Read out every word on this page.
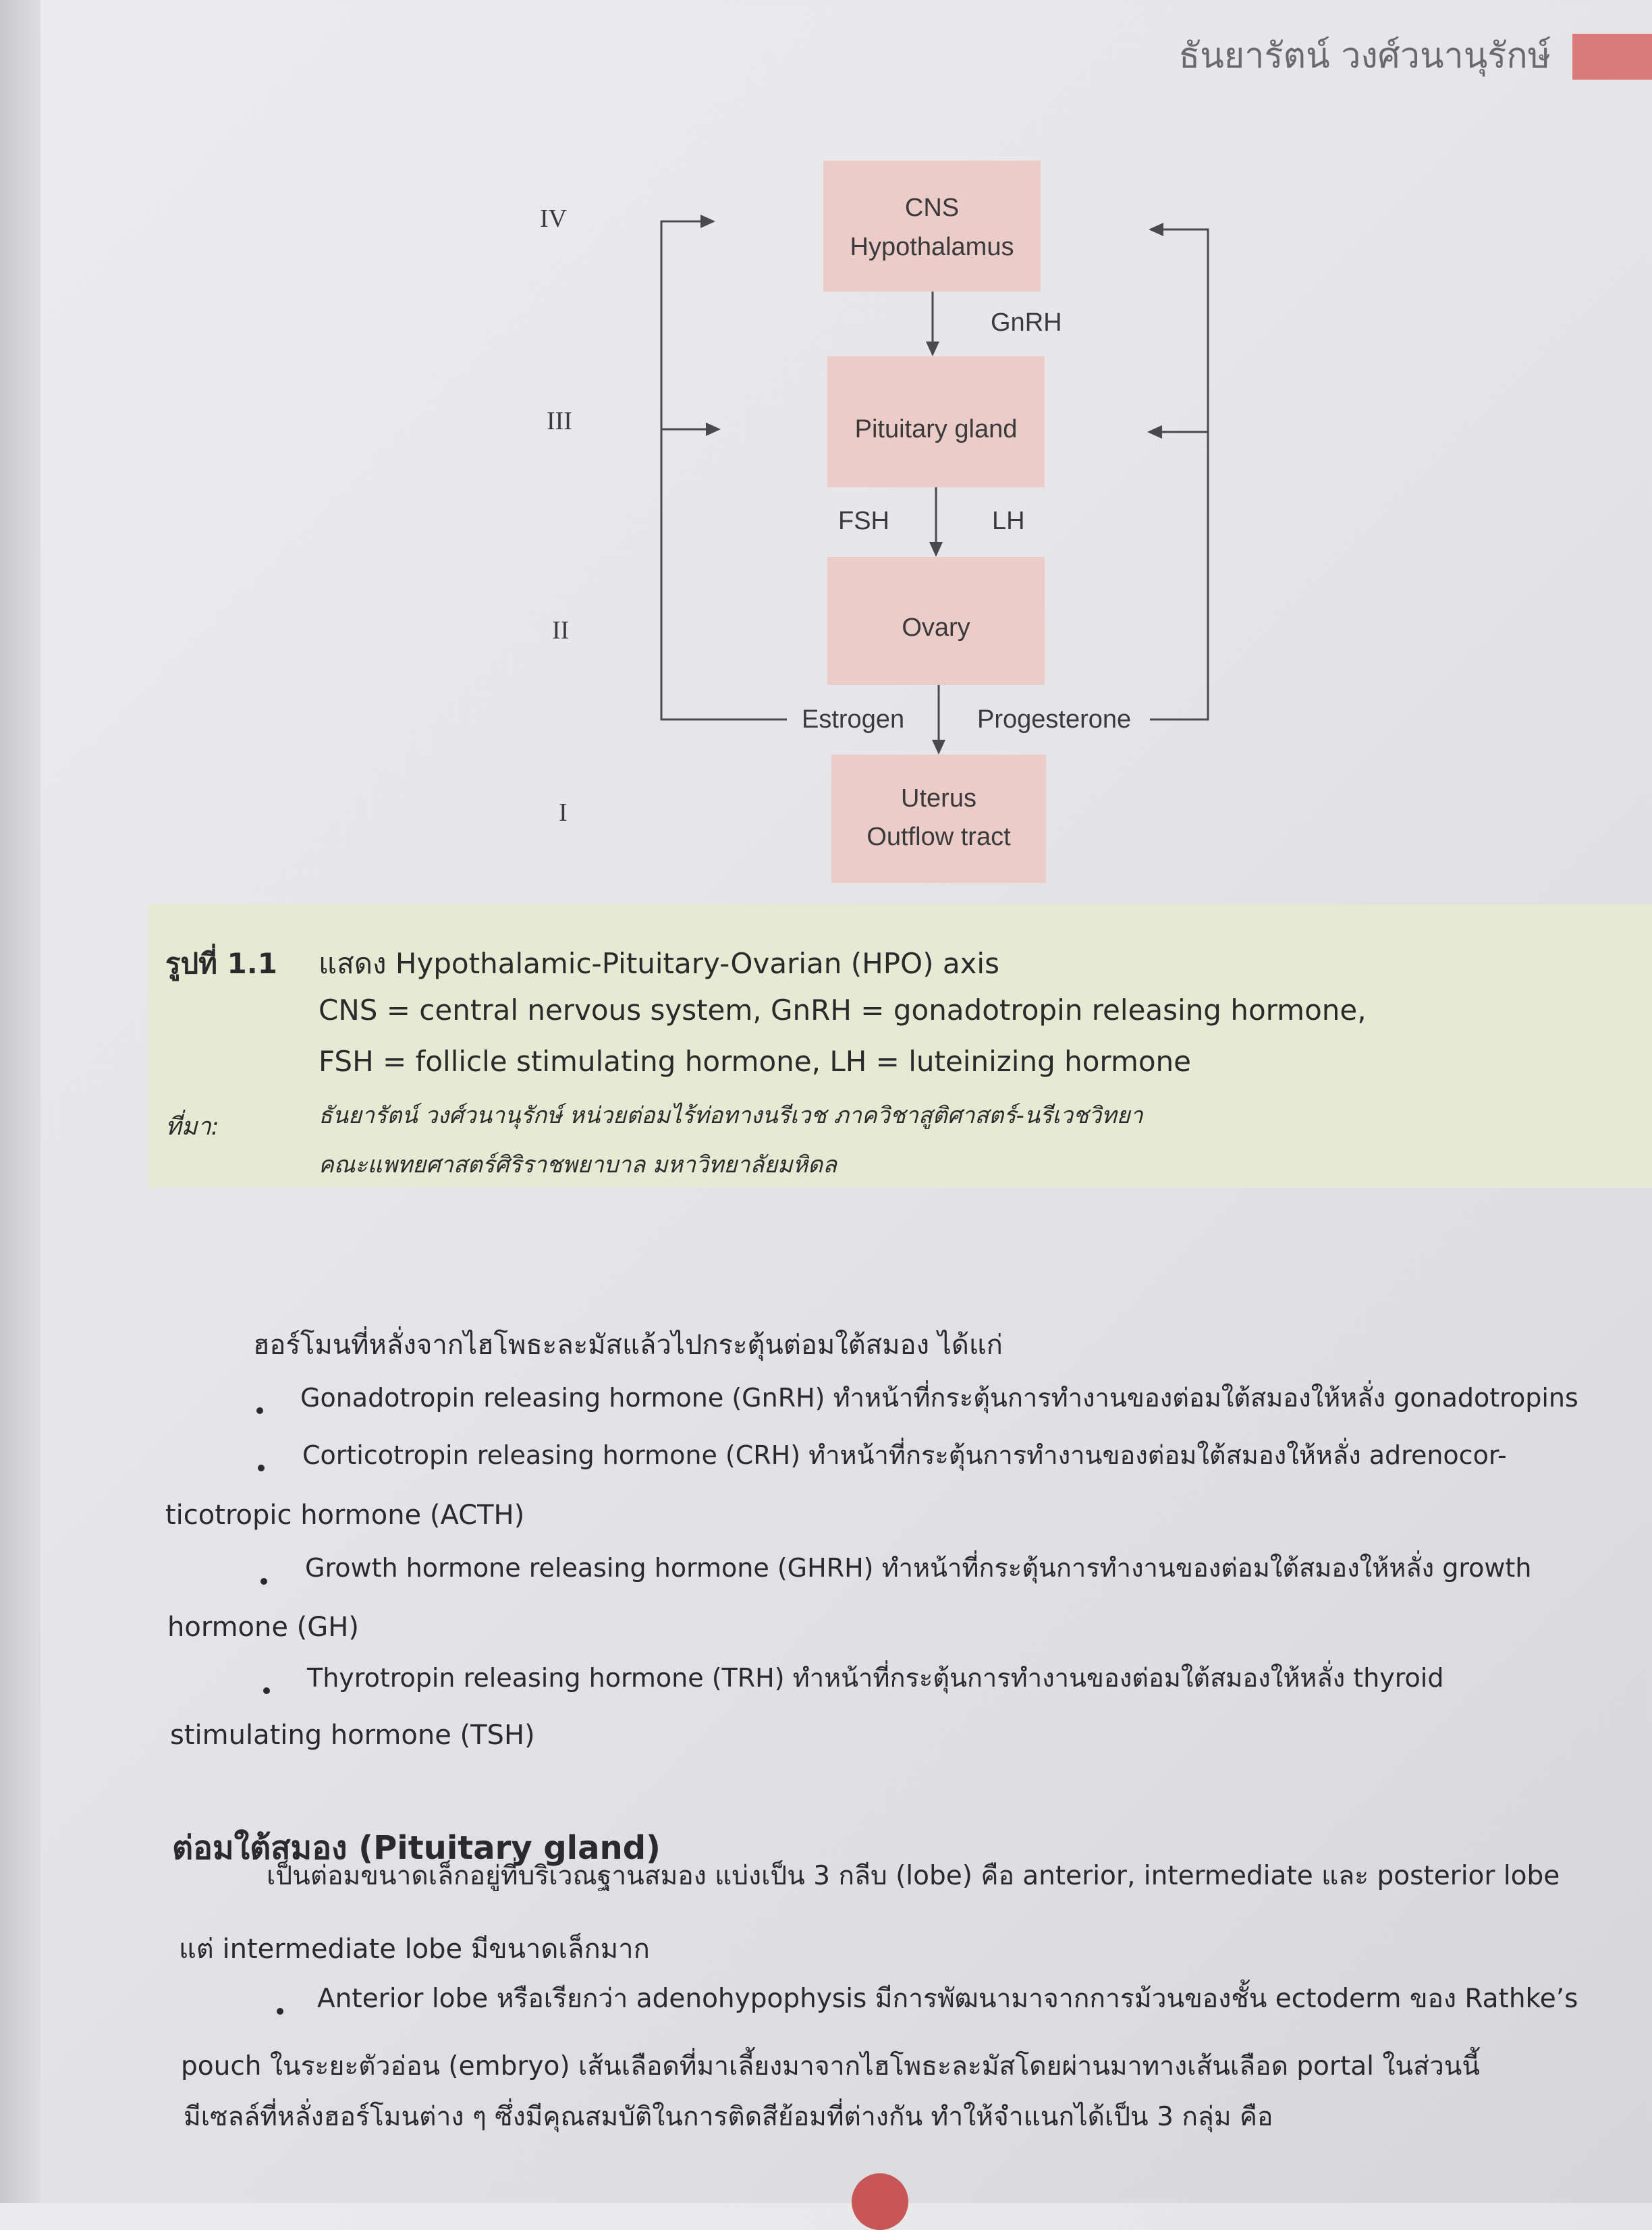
ธันยารัตน์ วงศ์วนานุรักษ์
CNS
Hypothalamus
Pituitary gland
Ovary
Uterus
Outflow tract
IV
III
II
I
GnRH
FSH	LH
Estrogen	Progesterone
รูปที่ 1.1 แสดง Hypothalamic-Pituitary-Ovarian (HPO) axis
CNS = central nervous system, GnRH = gonadotropin releasing hormone,
FSH = follicle stimulating hormone, LH = luteinizing hormone
ที่มา:	ธันยารัตน์ วงศ์วนานุรักษ์ หน่วยต่อมไร้ท่อทางนรีเวช ภาควิชาสูติศาสตร์-นรีเวชวิทยา
คณะแพทยศาสตร์ศิริราชพยาบาล มหาวิทยาลัยมหิดล
ฮอร์โมนที่หลั่งจากไฮโพธะละมัสแล้วไปกระตุ้นต่อมใต้สมอง ได้แก่
Gonadotropin releasing hormone (GnRH) ทำหน้าที่กระตุ้นการทำงานของต่อมใต้สมองให้หลั่ง gonadotropins
Corticotropin releasing hormone (CRH) ทำหน้าที่กระตุ้นการทำงานของต่อมใต้สมองให้หลั่ง adrenocor-
ticotropic hormone (ACTH)
Growth hormone releasing hormone (GHRH) ทำหน้าที่กระตุ้นการทำงานของต่อมใต้สมองให้หลั่ง growth
hormone (GH)
Thyrotropin releasing hormone (TRH) ทำหน้าที่กระตุ้นการทำงานของต่อมใต้สมองให้หลั่ง thyroid
stimulating hormone (TSH)
ต่อมใต้สมอง (Pituitary gland)
เป็นต่อมขนาดเล็กอยู่ที่บริเวณฐานสมอง แบ่งเป็น 3 กลีบ (lobe) คือ anterior, intermediate และ posterior lobe
แต่ intermediate lobe มีขนาดเล็กมาก
Anterior lobe หรือเรียกว่า adenohypophysis มีการพัฒนามาจากการม้วนของชั้น ectoderm ของ Rathke’s
pouch ในระยะตัวอ่อน (embryo) เส้นเลือดที่มาเลี้ยงมาจากไฮโพธะละมัสโดยผ่านมาทางเส้นเลือด portal ในส่วนนี้
มีเซลล์ที่หลั่งฮอร์โมนต่าง ๆ ซึ่งมีคุณสมบัติในการติดสีย้อมที่ต่างกัน ทำให้จำแนกได้เป็น 3 กลุ่ม คือ
